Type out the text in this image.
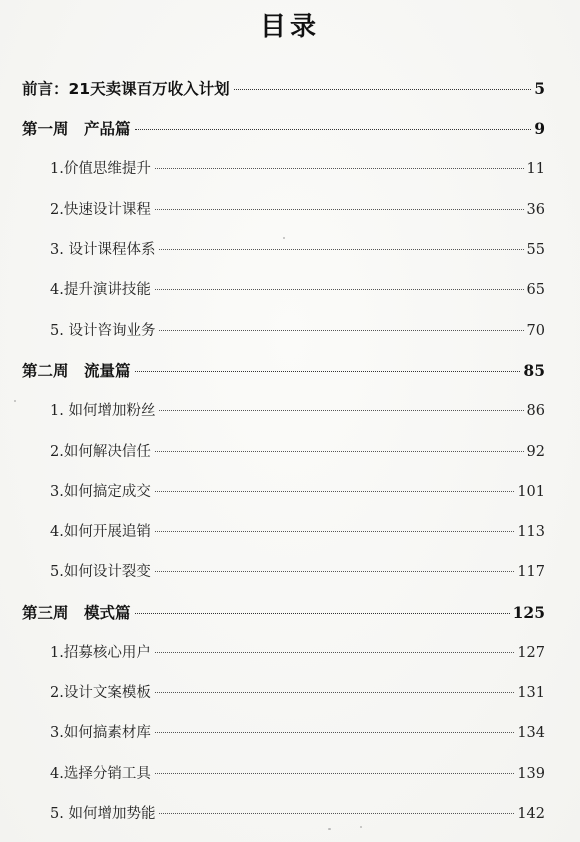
目录
前言：21天卖课百万收入计划	5
第一周　产品篇	9
1.价值思维提升	11
2.快速设计课程	36
3. 设计课程体系	55
4.提升演讲技能	65
5. 设计咨询业务	70
第二周　流量篇	85
1. 如何增加粉丝	86
2.如何解决信任	92
3.如何搞定成交	101
4.如何开展追销	113
5.如何设计裂变	117
第三周　模式篇	125
1.招募核心用户	127
2.设计文案模板	131
3.如何搞素材库	134
4.选择分销工具	139
5. 如何增加势能	142
